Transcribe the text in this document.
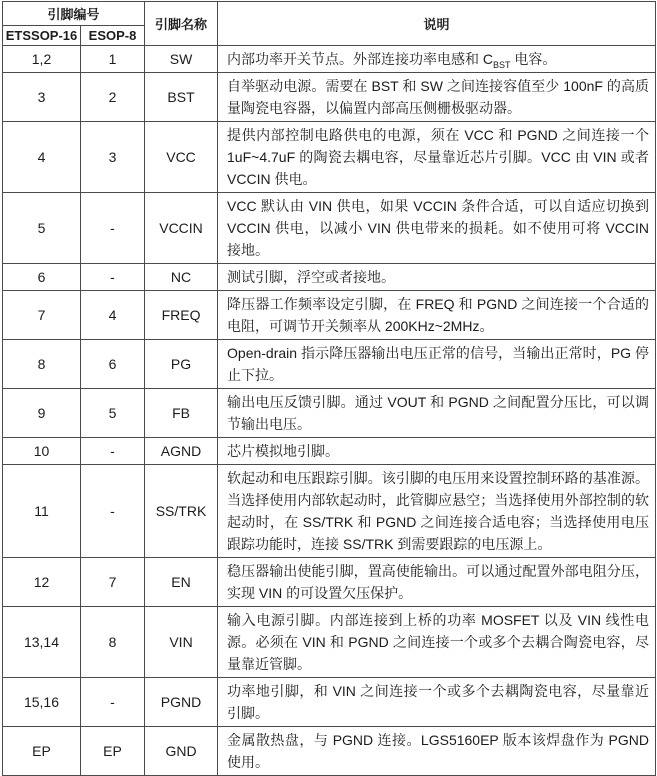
引脚编号		引脚名称	说明
ETSSOP-16	ESOP-8		
1,2	1	SW	内部功率开关节点。外部连接功率电感和 $C_{BST}$ 电容。
3	2	BST	自举驱动电源。需要在 BST 和 SW 之间连接容值至少 100nF 的高质量陶瓷电容器，以偏置内部高压侧栅极驱动器。
4	3	VCC	提供内部控制电路供电的电源，须在 VCC 和 PGND 之间连接一个 1uF~4.7uF 的陶瓷去耦电容，尽量靠近芯片引脚。VCC 由 VIN 或者 VCCIN 供电。
5	-	VCCIN	VCC 默认由 VIN 供电，如果 VCCIN 条件合适，可以自适应切换到 VCCIN 供电，以减小 VIN 供电带来的损耗。如不使用可将 VCCIN 接地。
6	-	NC	测试引脚，浮空或者接地。
7	4	FREQ	降压器工作频率设定引脚，在 FREQ 和 PGND 之间连接一个合适的电阻，可调节开关频率从 200KHz~2MHz。
8	6	PG	Open-drain 指示降压器输出电压正常的信号，当输出正常时，PG 停止下拉。
9	5	FB	输出电压反馈引脚。通过 VOUT 和 PGND 之间配置分压比，可以调节输出电压。
10	-	AGND	芯片模拟地引脚。
11	-	SS/TRK	软起动和电压跟踪引脚。该引脚的电压用来设置控制环路的基准源。当选择使用内部软起动时，此管脚应悬空；当选择使用外部控制的软起动时，在 SS/TRK 和 PGND 之间连接合适电容；当选择使用电压跟踪功能时，连接 SS/TRK 到需要跟踪的电压源上。
12	7	EN	稳压器输出使能引脚，置高使能输出。可以通过配置外部电阻分压，实现 VIN 的可设置欠压保护。
13,14	8	VIN	输入电源引脚。内部连接到上桥的功率 MOSFET 以及 VIN 线性电源。必须在 VIN 和 PGND 之间连接一个或多个去耦合陶瓷电容，尽量靠近管脚。
15,16	-	PGND	功率地引脚，和 VIN 之间连接一个或多个去耦陶瓷电容，尽量靠近引脚。
EP	EP	GND	金属散热盘，与 PGND 连接。LGS5160EP 版本该焊盘作为 PGND 使用。
